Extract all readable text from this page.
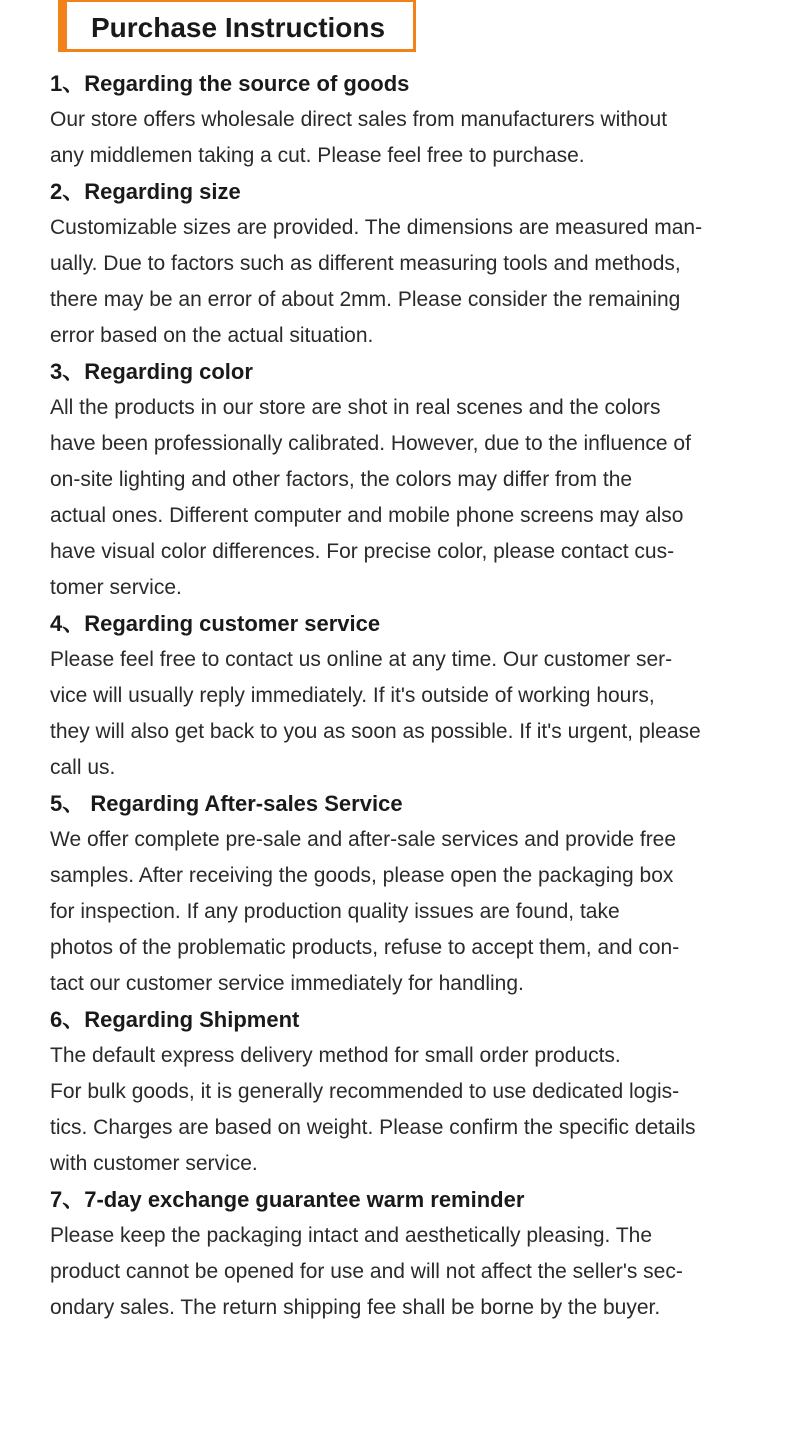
Purchase Instructions
1、Regarding the source of goods
Our store offers wholesale direct sales from manufacturers without
any middlemen taking a cut. Please feel free to purchase.
2、Regarding size
Customizable sizes are provided. The dimensions are measured man-
ually. Due to factors such as different measuring tools and methods,
there may be an error of about 2mm. Please consider the remaining
error based on the actual situation.
3、Regarding color
All the products in our store are shot in real scenes and the colors
have been professionally calibrated. However, due to the influence of
on-site lighting and other factors, the colors may differ from the
actual ones. Different computer and mobile phone screens may also
have visual color differences. For precise color, please contact cus-
tomer service.
4、Regarding customer service
Please feel free to contact us online at any time. Our customer ser-
vice will usually reply immediately. If it's outside of working hours,
they will also get back to you as soon as possible. If it's urgent, please
call us.
5、 Regarding After-sales Service
We offer complete pre-sale and after-sale services and provide free
samples. After receiving the goods, please open the packaging box
for inspection. If any production quality issues are found, take
photos of the problematic products, refuse to accept them, and con-
tact our customer service immediately for handling.
6、Regarding Shipment
The default express delivery method for small order products.
For bulk goods, it is generally recommended to use dedicated logis-
tics. Charges are based on weight. Please confirm the specific details
with customer service.
7、7-day exchange guarantee warm reminder
Please keep the packaging intact and aesthetically pleasing. The
product cannot be opened for use and will not affect the seller's sec-
ondary sales. The return shipping fee shall be borne by the buyer.
